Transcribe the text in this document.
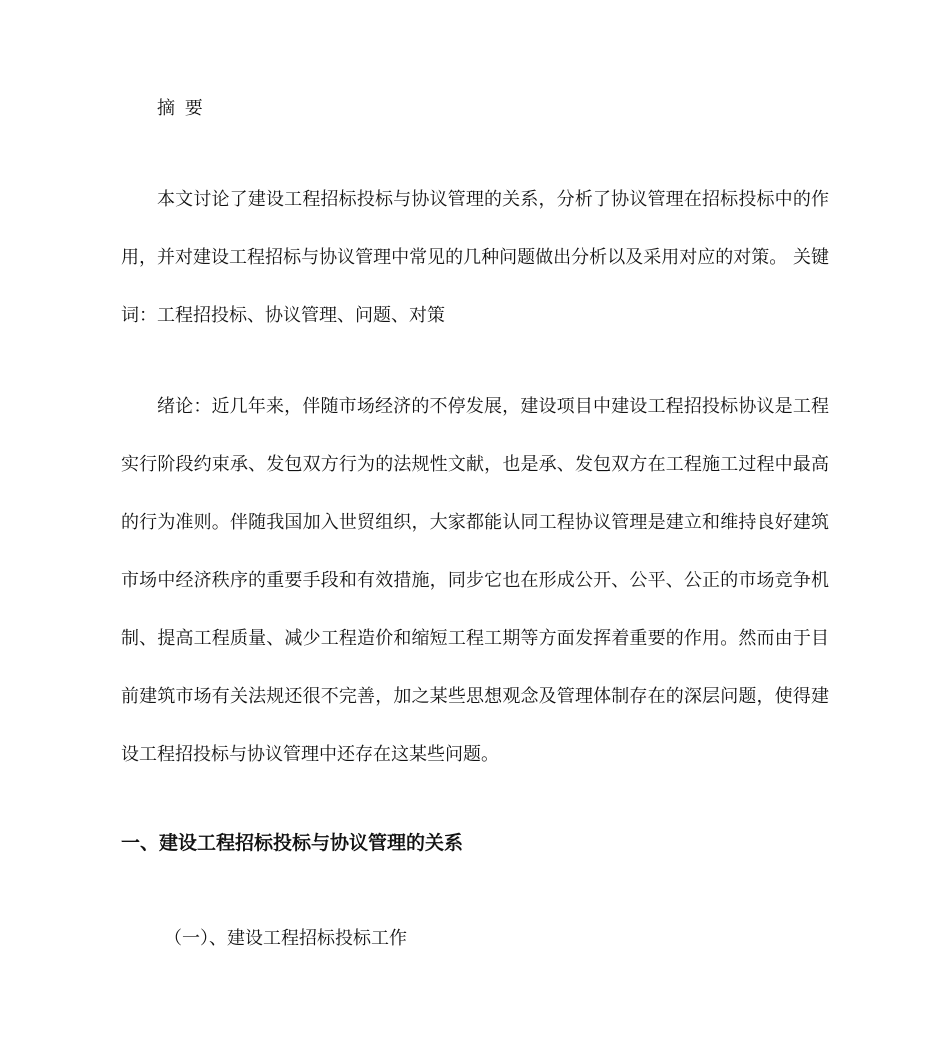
摘 要

本文讨论了建设工程招标投标与协议管理的关系，分析了协议管理在招标投标中的作用，并对建设工程招标与协议管理中常见的几种问题做出分析以及采用对应的对策。 关键词：工程招投标、协议管理、问题、对策

绪论：近几年来，伴随市场经济的不停发展，建设项目中建设工程招投标协议是工程实行阶段约束承、发包双方行为的法规性文献，也是承、发包双方在工程施工过程中最高的行为准则。伴随我国加入世贸组织，大家都能认同工程协议管理是建立和维持良好建筑市场中经济秩序的重要手段和有效措施，同步它也在形成公开、公平、公正的市场竞争机制、提高工程质量、减少工程造价和缩短工程工期等方面发挥着重要的作用。然而由于目前建筑市场有关法规还很不完善，加之某些思想观念及管理体制存在的深层问题，使得建设工程招投标与协议管理中还存在这某些问题。

一、建设工程招标投标与协议管理的关系
（一）、建设工程招标投标工作
